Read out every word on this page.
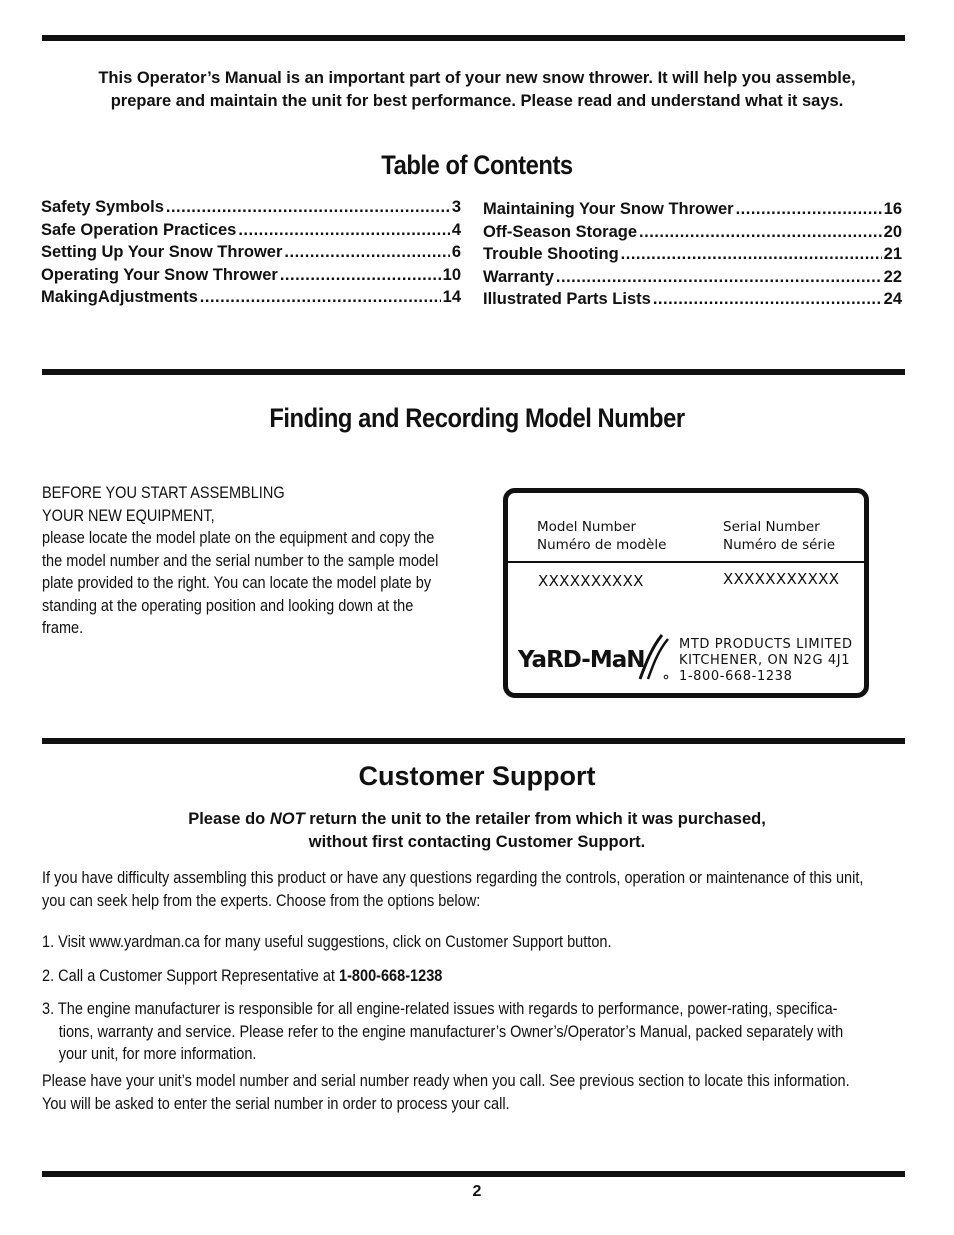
This Operator’s Manual is an important part of your new snow thrower. It will help you assemble,
prepare and maintain the unit for best performance. Please read and understand what it says.
Table of Contents
Safety Symbols .....	3
Safe Operation Practices .....	4
Setting Up Your Snow Thrower .....	6
Operating Your Snow Thrower .....	10
MakingAdjustments .....	14
Maintaining Your Snow Thrower .....	16
Off-Season Storage .....	20
Trouble Shooting .....	21
Warranty .....	22
Illustrated Parts Lists .....	24
Finding and Recording Model Number
BEFORE YOU START ASSEMBLING
YOUR NEW EQUIPMENT,
please locate the model plate on the equipment and copy the
the model number and the serial number to the sample model
plate provided to the right. You can locate the model plate by
standing at the operating position and looking down at the
frame.
Model Number
Numéro de modèle
Serial Number
Numéro de série
XXXXXXXXXX	XXXXXXXXXXX
YaRD-MaN
MTD PRODUCTS LIMITED
KITCHENER, ON N2G 4J1
1-800-668-1238
Customer Support
Please do NOT return the unit to the retailer from which it was purchased,
without first contacting Customer Support.
If you have difficulty assembling this product or have any questions regarding the controls, operation or maintenance of this unit,
you can seek help from the experts. Choose from the options below:
1. Visit www.yardman.ca for many useful suggestions, click on Customer Support button.
2. Call a Customer Support Representative at 1-800-668-1238
3. The engine manufacturer is responsible for all engine-related issues with regards to performance, power-rating, specifica-
tions, warranty and service. Please refer to the engine manufacturer’s Owner’s/Operator’s Manual, packed separately with
your unit, for more information.
Please have your unit’s model number and serial number ready when you call. See previous section to locate this information.
You will be asked to enter the serial number in order to process your call.
2
